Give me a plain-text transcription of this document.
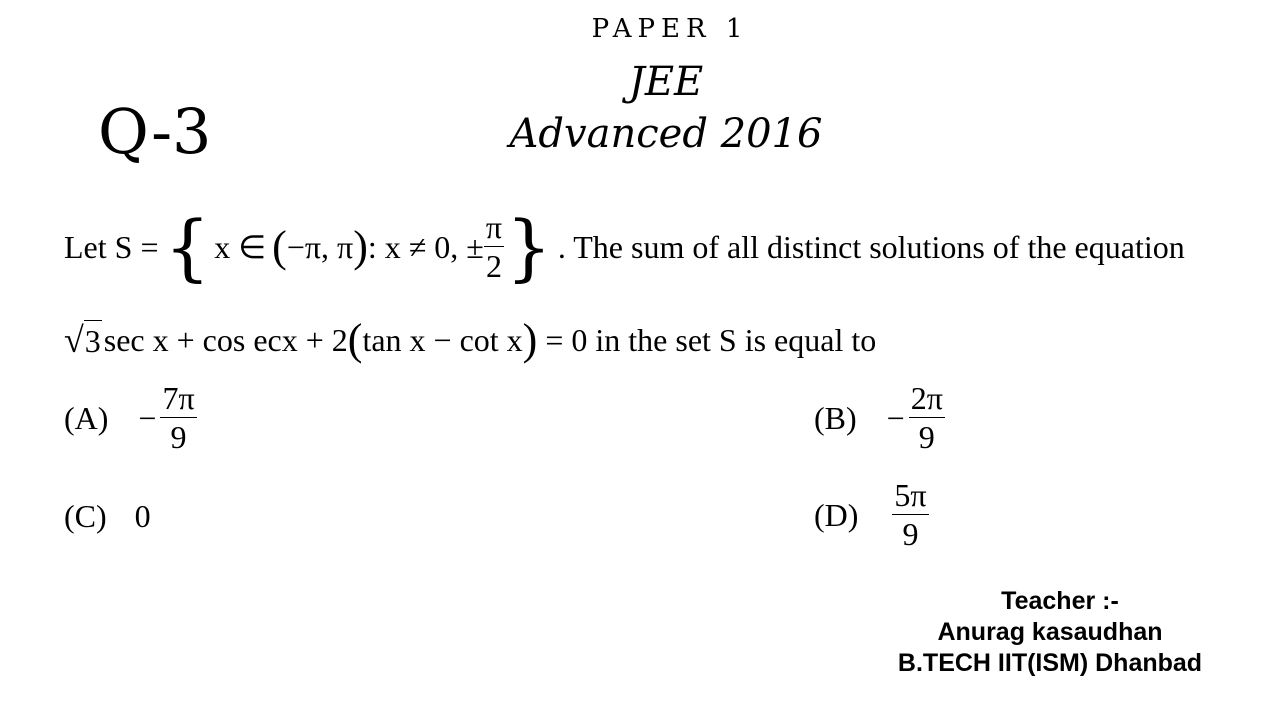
PAPER 1
JEE
Advanced 2016
Q-3
Let S = { x ∈ ( −π, π ) : x ≠ 0, ± $\frac{\pi}{2}$ } . The sum of all distinct solutions of the equation
√ 3 sec x + cos ecx + 2 ( tan x − cot x ) = 0 in the set S is equal to
$(A) - \frac{7\pi}{9}$	$(B) - \frac{2\pi}{9}$
(C) 0	$(D) \frac{5\pi}{9}$
Teacher :-
Anurag kasaudhan
B.TECH IIT(ISM) Dhanbad
